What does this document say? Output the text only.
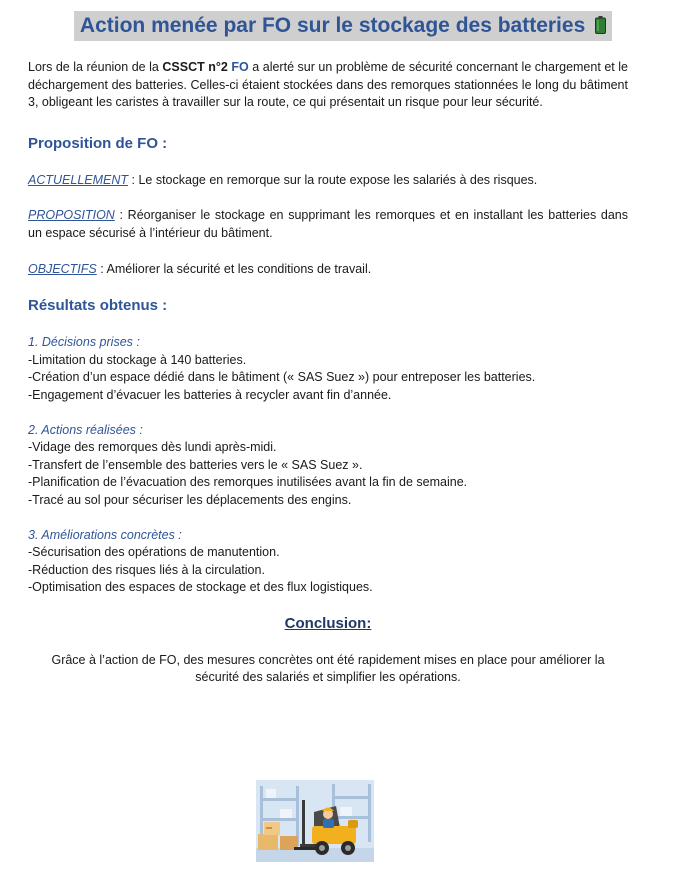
Action menée par FO sur le stockage des batteries

Lors de la réunion de la CSSCT n°2 FO a alerté sur un problème de sécurité concernant le chargement et le déchargement des batteries. Celles-ci étaient stockées dans des remorques stationnées le long du bâtiment 3, obligeant les caristes à travailler sur la route, ce qui présentait un risque pour leur sécurité.

Proposition de FO :

ACTUELLEMENT : Le stockage en remorque sur la route expose les salariés à des risques.

PROPOSITION : Réorganiser le stockage en supprimant les remorques et en installant les batteries dans un espace sécurisé à l’intérieur du bâtiment.

OBJECTIFS : Améliorer la sécurité et les conditions de travail.

Résultats obtenus :

1. Décisions prises :

-Limitation du stockage à 140 batteries.

-Création d’un espace dédié dans le bâtiment (« SAS Suez ») pour entreposer les batteries.

-Engagement d’évacuer les batteries à recycler avant fin d’année.

2. Actions réalisées :

-Vidage des remorques dès lundi après-midi.

-Transfert de l’ensemble des batteries vers le « SAS Suez ».

-Planification de l’évacuation des remorques inutilisées avant la fin de semaine.

-Tracé au sol pour sécuriser les déplacements des engins.

3. Améliorations concrètes :

-Sécurisation des opérations de manutention.

-Réduction des risques liés à la circulation.

-Optimisation des espaces de stockage et des flux logistiques.

Conclusion:

Grâce à l’action de FO, des mesures concrètes ont été rapidement mises en place pour améliorer la sécurité des salariés et simplifier les opérations.
